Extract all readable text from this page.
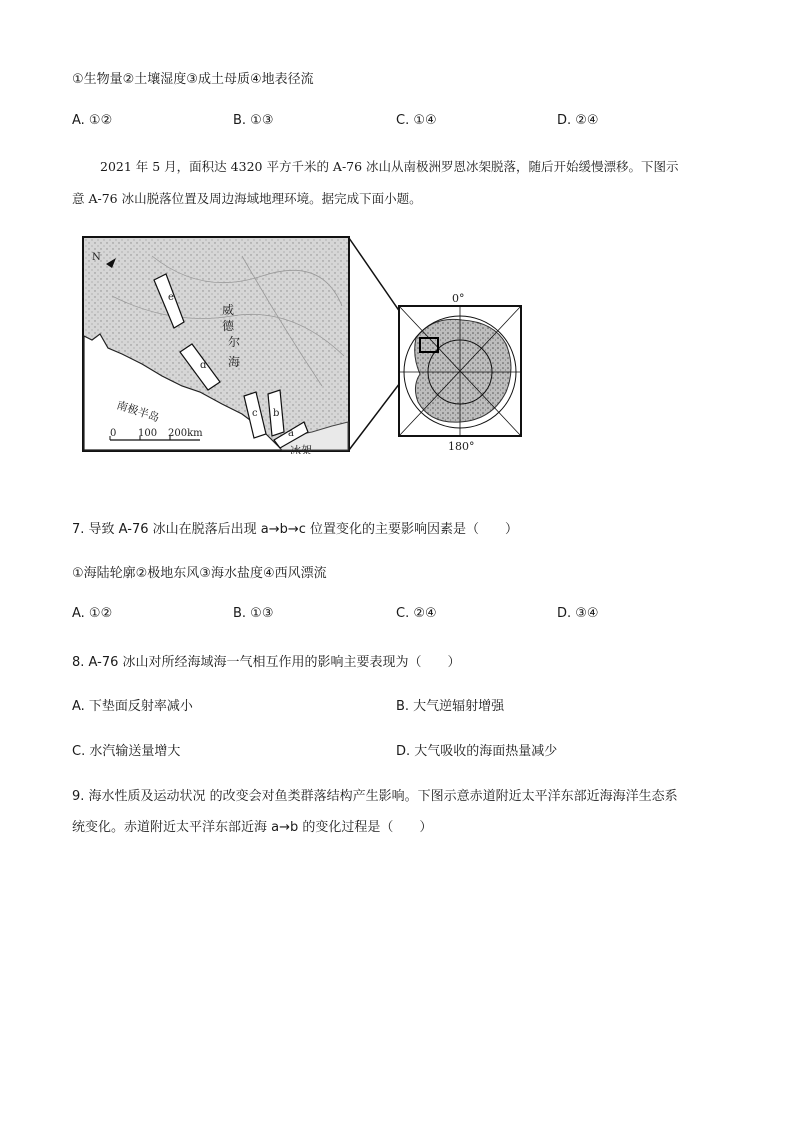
①生物量②土壤湿度③成土母质④地表径流
A. ①②	B. ①③	C. ①④	D. ②④
2021 年 5 月，面积达 4320 平方千米的 A-76 冰山从南极洲罗恩冰架脱落，随后开始缓慢漂移。下图示
意 A-76 冰山脱落位置及周边海域地理环境。据完成下面小题。
N
e
d
c b
a
威
德
尔
海
南极半岛
冰架
0 100 200km
0°
180°
7. 导致 A-76 冰山在脱落后出现 a→b→c 位置变化的主要影响因素是（　　）
①海陆轮廓②极地东风③海水盐度④西风漂流
A. ①②	B. ①③	C. ②④	D. ③④
8. A-76 冰山对所经海域海一气相互作用的影响主要表现为（　　）
A. 下垫面反射率减小	B. 大气逆辐射增强
C. 水汽输送量增大	D. 大气吸收的海面热量减少
9. 海水性质及运动状况 的改变会对鱼类群落结构产生影响。下图示意赤道附近太平洋东部近海海洋生态系
统变化。赤道附近太平洋东部近海 a→b 的变化过程是（　　）
